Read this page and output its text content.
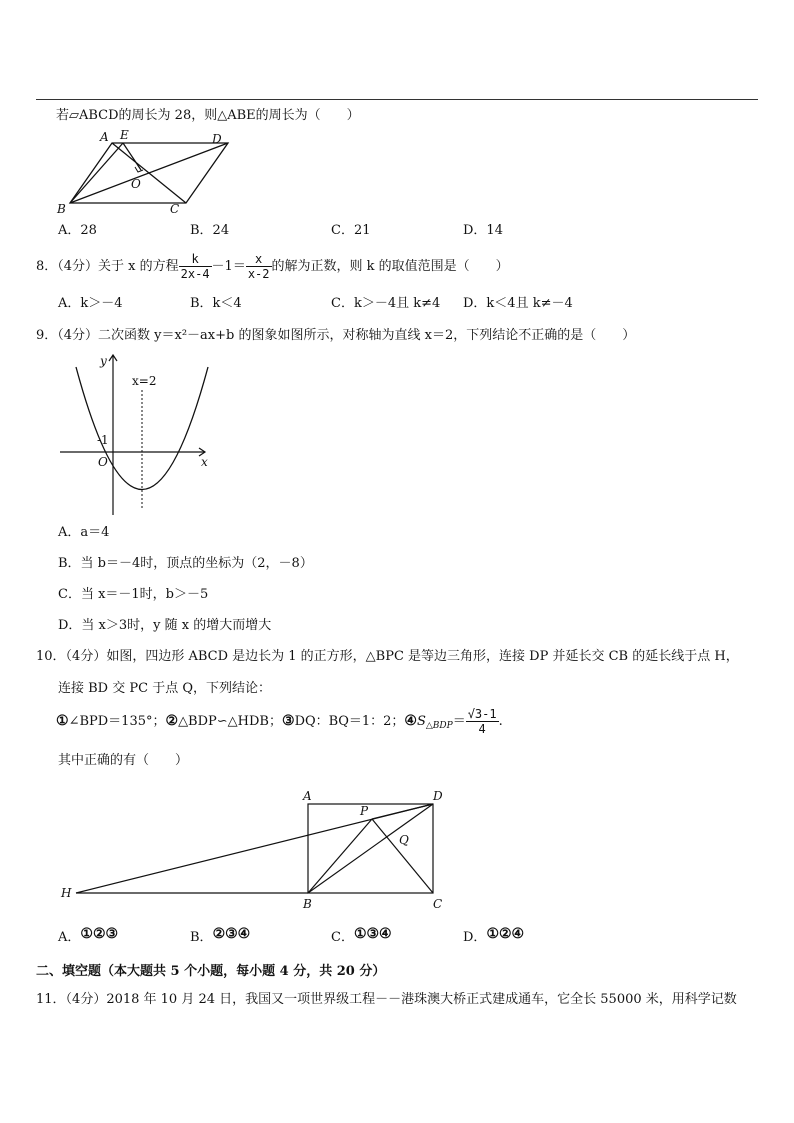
若▱ABCD的周长为 28，则△ABE的周长为（　　）
A E	D
O
B	C
A．28	B．24	C．21	D．14
8．（4分）关于 x 的方程 $\frac{k}{2x-4} -1= \frac{x}{x-2}$ 的解为正数，则 k 的取值范围是（　　）
A．k＞－4	B．k＜4	C．k＞－4且 k≠4 D．k＜4且 k≠－4
9．（4分）二次函数 y＝x²－ax+b 的图象如图所示，对称轴为直线 x＝2，下列结论不正确的是（　　）
y
x
x=2
-1
O
A．a＝4
B．当 b＝－4时，顶点的坐标为（2，－8）
C．当 x＝－1时，b＞－5
D．当 x＞3时，y 随 x 的增大而增大
10．（4分）如图，四边形 ABCD 是边长为 1 的正方形，△BPC 是等边三角形，连接 DP 并延长交 CB 的延长线于点 H，
连接 BD 交 PC 于点 Q，下列结论：
①∠BPD＝135°；②△BDP∽△HDB；③DQ：BQ＝1：2；$④S_{\triangle BDP}= \frac{√3-1}{4}$ .
其中正确的有（　　）
A	D
P
Q
H
B	C
A．①②③	B．②③④	C．①③④	D．①②④
二、填空题（本大题共 5 个小题，每小题 4 分，共 20 分）
11．（4分）2018 年 10 月 24 日，我国又一项世界级工程－－港珠澳大桥正式建成通车，它全长 55000 米，用科学记数
